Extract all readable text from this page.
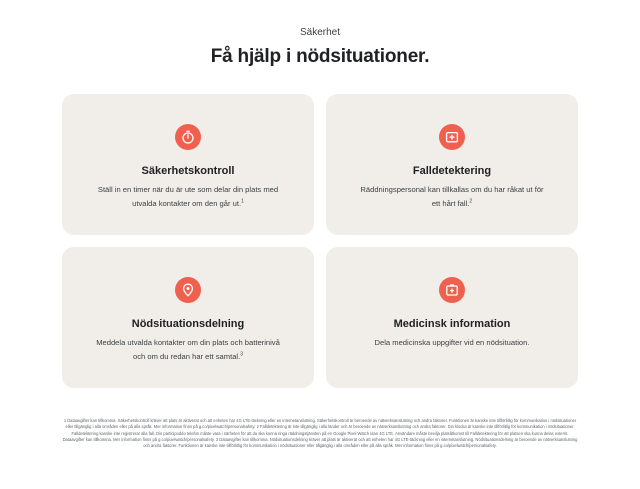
Säkerhet
Få hjälp i nödsituationer.
Säkerhetskontroll
Ställ in en timer när du är ute som delar din plats med utvalda kontakter om den går ut.$^1$
Falldetektering
Räddningspersonal kan tillkallas om du har råkat ut för ett hårt fall.$^2$
Nödsituationsdelning
Meddela utvalda kontakter om din plats och batterinivå och om du redan har ett samtal.$^3$
Medicinsk information
Dela medicinska uppgifter vid en nödsituation.

1 Dataavgifter kan tillkomma. Säkerhetskontroll kräver att plats är aktiverat och att enheten har 4G LTE-täckning eller en internetanslutning. Säkerhetskontroll är beroende av nätverksanslutning och andra faktorer. Funktionen är kanske inte tillförlitlig för kommunikation i nödsituationer eller tillgänglig i alla områden eller på alla språk. Mer information finns på g.co/pixelwatch/personalsafety. 2 Falldetektering är inte tillgänglig i alla länder och är beroende av nätverksanslutning och andra faktorer. Din klocka är kanske inte tillförlitlig för kommunikation i nödsituationer. Falldetektering kanske inte registrerar alla fall. Din participoddo telefon måste vara i närheten för att du ska kunna ringa räddningstjänsten på en Google Pixel Watch utan 4G LTE. Användare måste bevilja platsåtkomst till Falldetektering för att platsen ska kunna delas externt. Dataavgifter kan tillkomma. Mer information finns på g.co/pixelwatch/personalsafety. 3 Dataavgifter kan tillkomma. Nödsituationsdelning kräver att plats är aktiverat och att enheten har 4G LTE-täckning eller en internetanslutning. Nödsituationsdelning är beroende av nätverksanslutning och andra faktorer. Funktionen är kanske inte tillförlitlig för kommunikation i nödsituationer eller tillgänglig i alla områden eller på alla språk. Mer information finns på g.co/pixelwatch/personalsafety.
